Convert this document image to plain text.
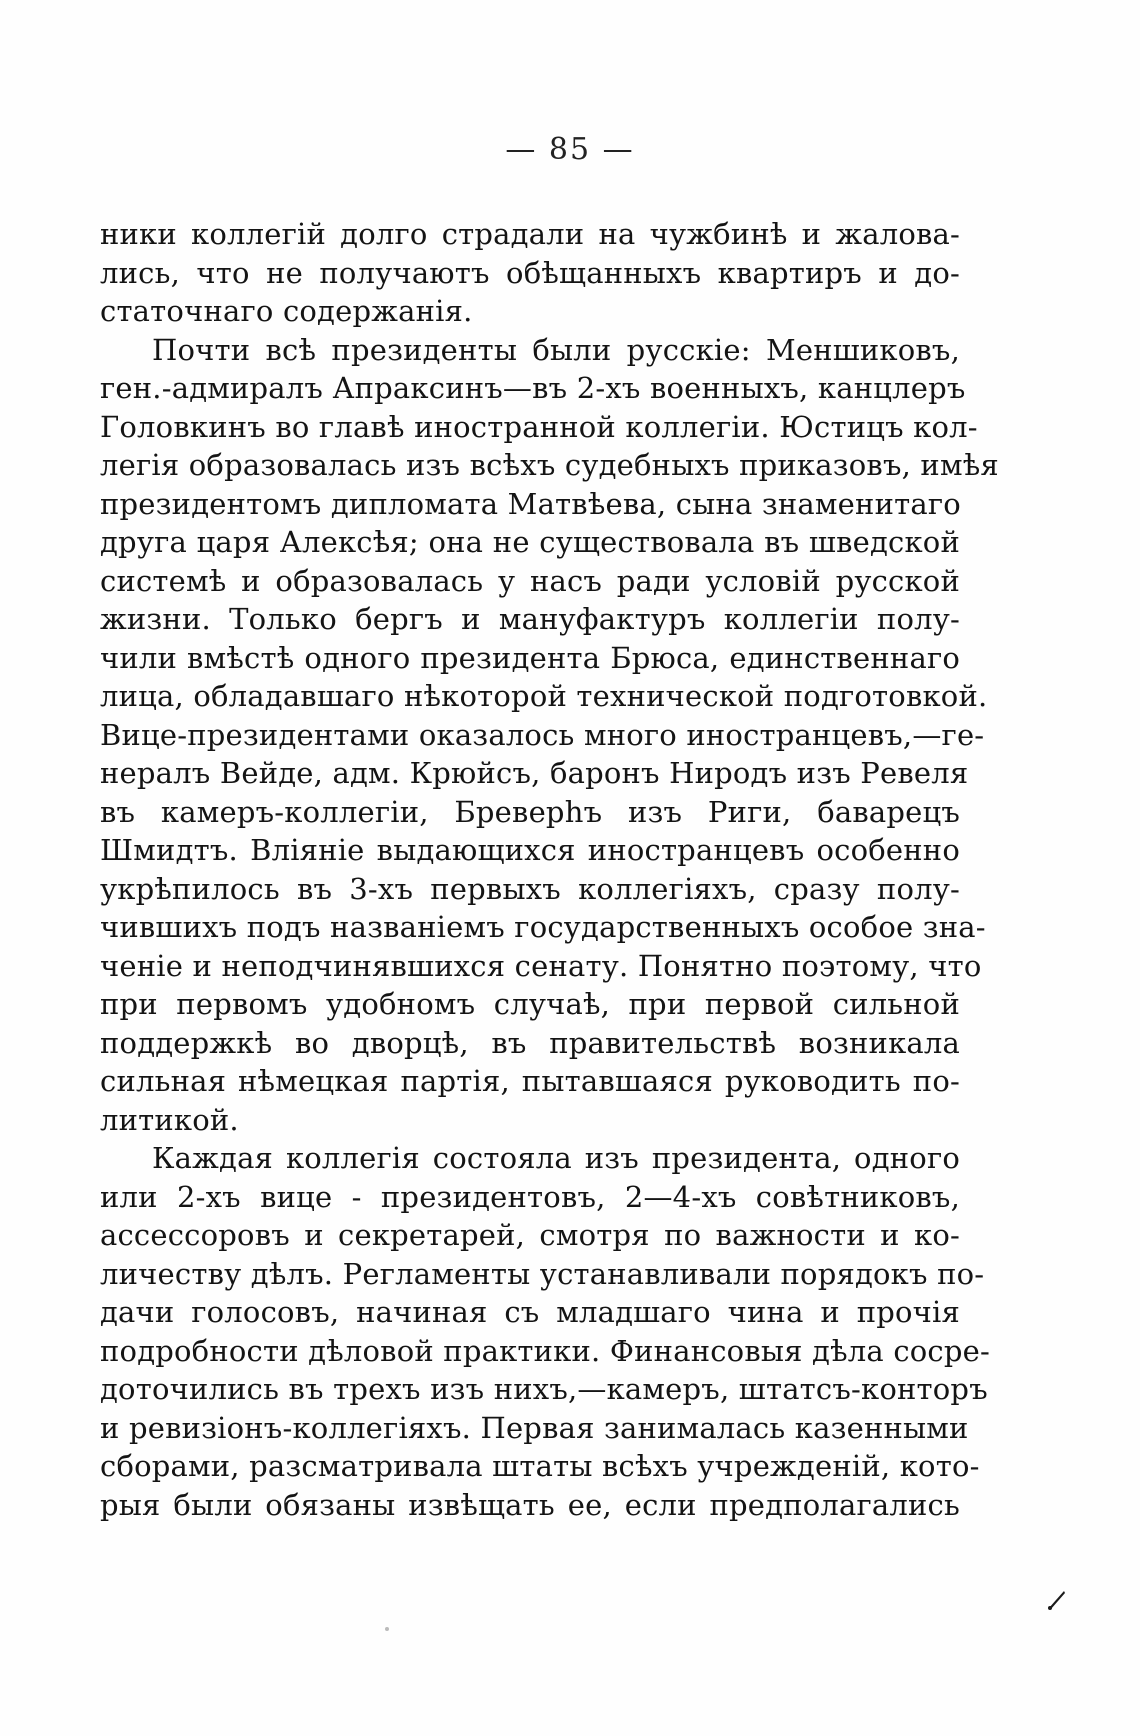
— 85 —
ники коллегій долго страдали на чужбинѣ и жалова-
лись, что не получаютъ обѣщанныхъ квартиръ и до-
статочнаго содержанія.
Почти всѣ президенты были русскіе: Меншиковъ,
ген.-адмиралъ Апраксинъ—въ 2-хъ военныхъ, канцлеръ
Головкинъ во главѣ иностранной коллегіи. Юстицъ кол-
легія образовалась изъ всѣхъ судебныхъ приказовъ, имѣя
президентомъ дипломата Матвѣева, сына знаменитаго
друга царя Алексѣя; она не существовала въ шведской
системѣ и образовалась у насъ ради условій русской
жизни. Только бергъ и мануфактуръ коллегіи полу-
чили вмѣстѣ одного президента Брюса, единственнаго
лица, обладавшаго нѣкоторой технической подготовкой.
Вице-президентами оказалось много иностранцевъ,—ге-
нералъ Вейде, адм. Крюйсъ, баронъ Ниродъ изъ Ревеля
въ камеръ-коллегіи, Бреверhъ изъ Риги, баварецъ
Шмидтъ. Вліяніе выдающихся иностранцевъ особенно
укрѣпилось въ 3-хъ первыхъ коллегіяхъ, сразу полу-
чившихъ подъ названіемъ государственныхъ особое зна-
ченіе и неподчинявшихся сенату. Понятно поэтому, что
при первомъ удобномъ случаѣ, при первой сильной
поддержкѣ во дворцѣ, въ правительствѣ возникала
сильная нѣмецкая партія, пытавшаяся руководить по-
литикой.
Каждая коллегія состояла изъ президента, одного
или 2-хъ вице - президентовъ, 2—4-хъ совѣтниковъ,
ассессоровъ и секретарей, смотря по важности и ко-
личеству дѣлъ. Регламенты устанавливали порядокъ по-
дачи голосовъ, начиная съ младшаго чина и прочія
подробности дѣловой практики. Финансовыя дѣла сосре-
доточились въ трехъ изъ нихъ,—камеръ, штатсъ-конторъ
и ревизіонъ-коллегіяхъ. Первая занималась казенными
сборами, разсматривала штаты всѣхъ учрежденій, кото-
рыя были обязаны извѣщать ее, если предполагались
